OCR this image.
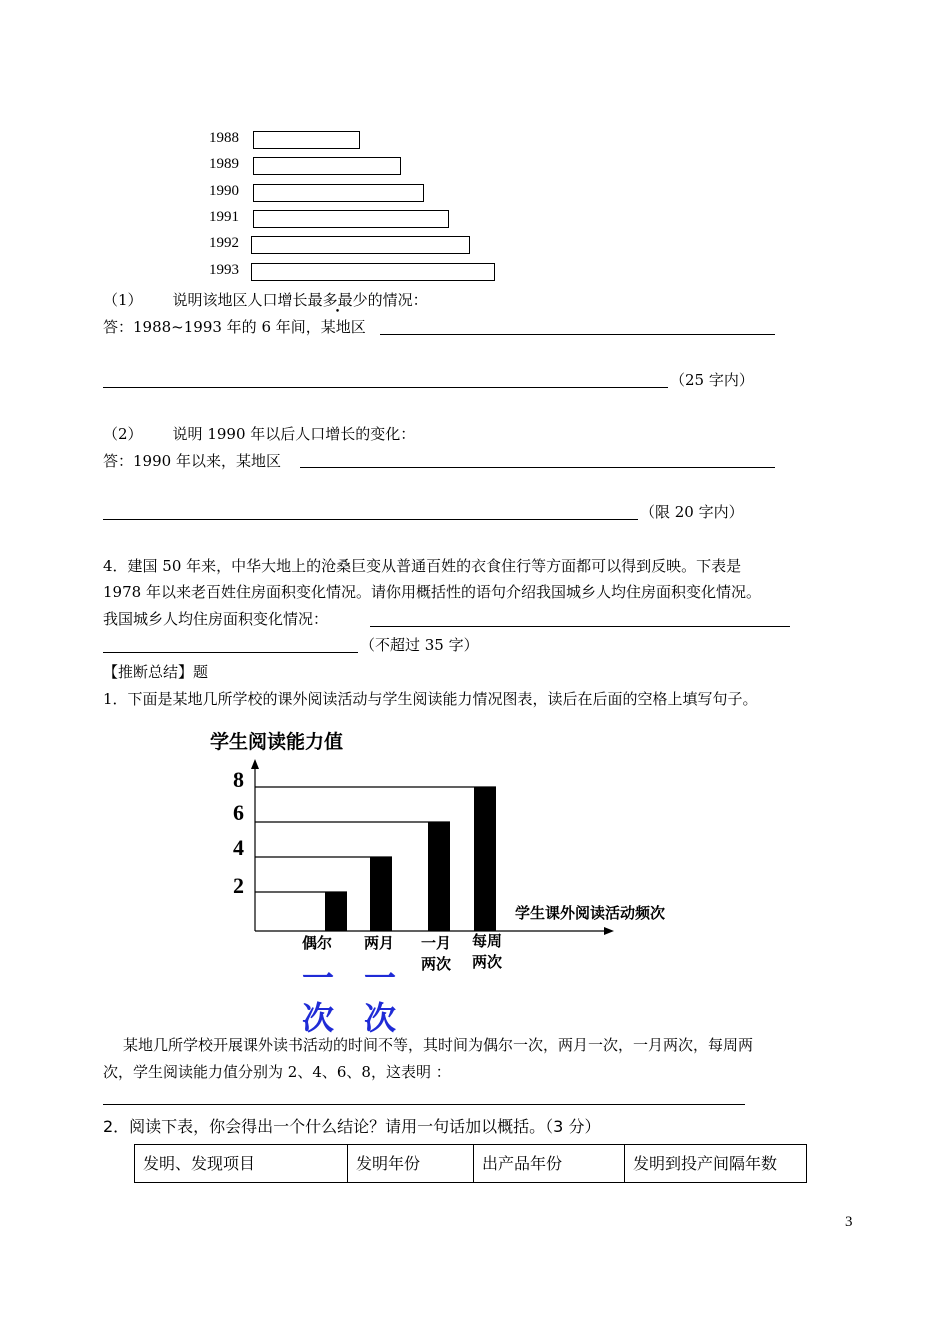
1988
1989
1990
1991
1992
1993
（1） 说明该地区人口增长最多最少的情况：
答：1988~1993 年的 6 年间，某地区
（25 字内）
（2） 说明 1990 年以后人口增长的变化：
答：1990 年以来，某地区
（限 20 字内）
4．建国 50 年来，中华大地上的沧桑巨变从普通百姓的衣食住行等方面都可以得到反映。下表是
1978 年以来老百姓住房面积变化情况。请你用概括性的语句介绍我国城乡人均住房面积变化情况。
我国城乡人均住房面积变化情况：
（不超过 35 字）
【推断总结】题
1．下面是某地几所学校的课外阅读活动与学生阅读能力情况图表，读后在后面的空格上填写句子。
学生阅读能力值
学生课外阅读活动频次
2
4
6
8
偶尔 两月 一月
两次
每周
两次
一 一
次 次
某地几所学校开展课外读书活动的时间不等，其时间为偶尔一次，两月一次，一月两次，每周两
次，学生阅读能力值分别为 2、4、6、8，这表明 ：
2．阅读下表，你会得出一个什么结论？请用一句话加以概括。（3 分）
发明、发现项目	发明年份	出产品年份	发明到投产间隔年数
3
